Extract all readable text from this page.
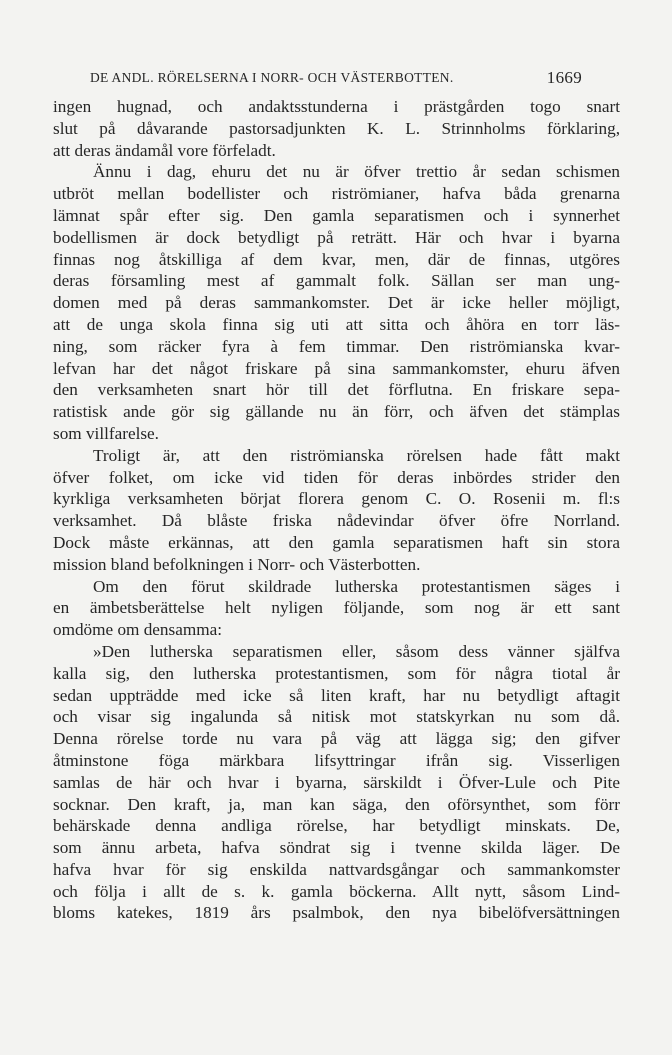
DE ANDL. RÖRELSERNA I NORR- OCH VÄSTERBOTTEN.	1669
ingen hugnad, och andaktsstunderna i prästgården togo snart
slut på dåvarande pastorsadjunkten K. L. Strinnholms förklaring,
att deras ändamål vore förfeladt.
Ännu i dag, ehuru det nu är öfver trettio år sedan schismen
utbröt mellan bodellister och riströmianer, hafva båda grenarna
lämnat spår efter sig. Den gamla separatismen och i synnerhet
bodellismen är dock betydligt på reträtt. Här och hvar i byarna
finnas nog åtskilliga af dem kvar, men, där de finnas, utgöres
deras församling mest af gammalt folk. Sällan ser man ung-
domen med på deras sammankomster. Det är icke heller möjligt,
att de unga skola finna sig uti att sitta och åhöra en torr läs-
ning, som räcker fyra à fem timmar. Den riströmianska kvar-
lefvan har det något friskare på sina sammankomster, ehuru äfven
den verksamheten snart hör till det förflutna. En friskare sepa-
ratistisk ande gör sig gällande nu än förr, och äfven det stämplas
som villfarelse.
Troligt är, att den riströmianska rörelsen hade fått makt
öfver folket, om icke vid tiden för deras inbördes strider den
kyrkliga verksamheten börjat florera genom C. O. Rosenii m. fl:s
verksamhet. Då blåste friska nådevindar öfver öfre Norrland.
Dock måste erkännas, att den gamla separatismen haft sin stora
mission bland befolkningen i Norr- och Västerbotten.
Om den förut skildrade lutherska protestantismen säges i
en ämbetsberättelse helt nyligen följande, som nog är ett sant
omdöme om densamma:
»Den lutherska separatismen eller, såsom dess vänner själfva
kalla sig, den lutherska protestantismen, som för några tiotal år
sedan uppträdde med icke så liten kraft, har nu betydligt aftagit
och visar sig ingalunda så nitisk mot statskyrkan nu som då.
Denna rörelse torde nu vara på väg att lägga sig; den gifver
åtminstone föga märkbara lifsyttringar ifrån sig. Visserligen
samlas de här och hvar i byarna, särskildt i Öfver-Lule och Pite
socknar. Den kraft, ja, man kan säga, den oförsynthet, som förr
behärskade denna andliga rörelse, har betydligt minskats. De,
som ännu arbeta, hafva söndrat sig i tvenne skilda läger. De
hafva hvar för sig enskilda nattvardsgångar och sammankomster
och följa i allt de s. k. gamla böckerna. Allt nytt, såsom Lind-
bloms katekes, 1819 års psalmbok, den nya bibelöfversättningen
